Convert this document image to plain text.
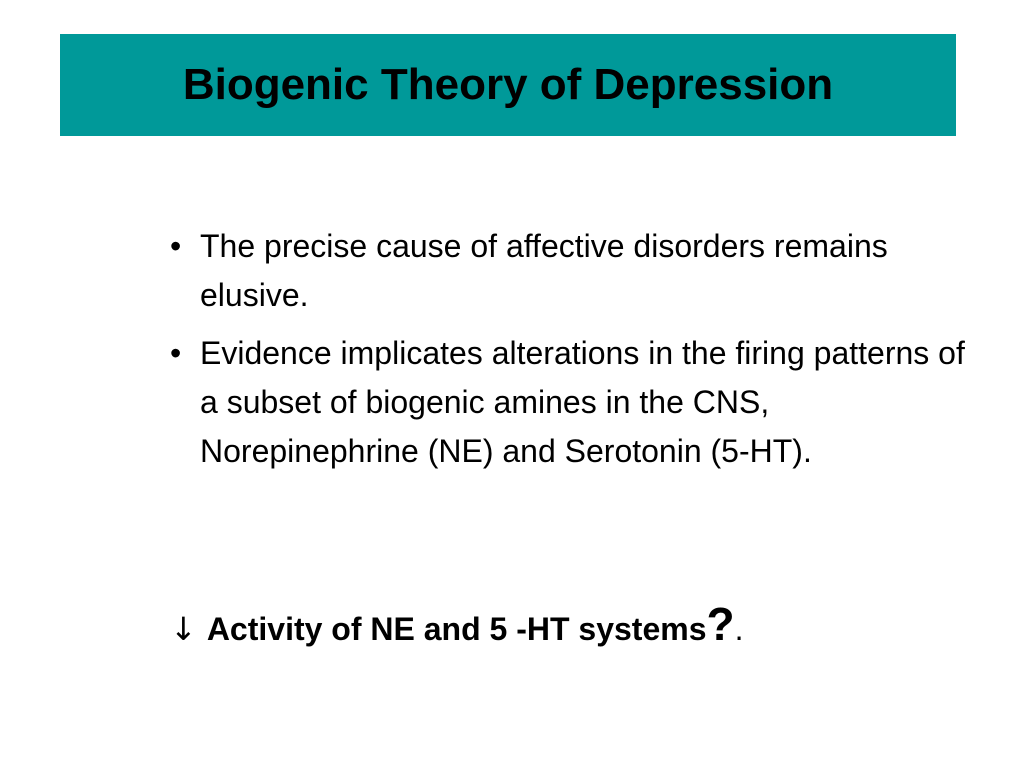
Biogenic Theory of Depression
• The precise cause of affective disorders remains elusive.
• Evidence implicates alterations in the firing patterns of a subset of biogenic amines in the CNS, Norepinephrine (NE) and Serotonin (5-HT).
↓ Activity of NE and 5 -HT systems?.
